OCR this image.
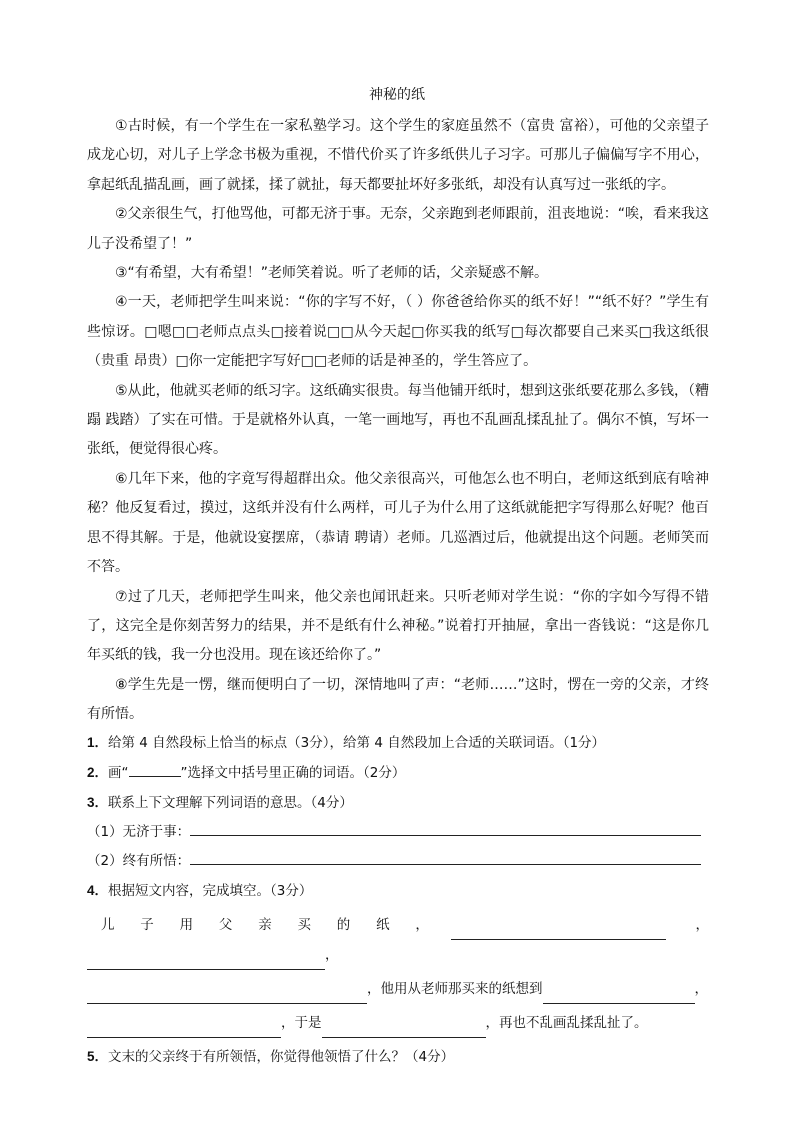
神秘的纸

①古时候，有一个学生在一家私塾学习。这个学生的家庭虽然不（富贵 富裕），可他的父亲望子成龙心切，对儿子上学念书极为重视，不惜代价买了许多纸供儿子习字。可那儿子偏偏写字不用心，拿起纸乱描乱画，画了就揉，揉了就扯，每天都要扯坏好多张纸，却没有认真写过一张纸的字。

②父亲很生气，打他骂他，可都无济于事。无奈，父亲跑到老师跟前，沮丧地说：“唉，看来我这儿子没希望了！”

③“有希望，大有希望！”老师笑着说。听了老师的话，父亲疑惑不解。

④一天，老师把学生叫来说：“你的字写不好，（ ）你爸爸给你买的纸不好！”“纸不好？”学生有些惊讶。□嗯□□老师点点头□接着说□□从今天起□你买我的纸写□每次都要自己来买□我这纸很（贵重 昂贵）□你一定能把字写好□□老师的话是神圣的，学生答应了。

⑤从此，他就买老师的纸习字。这纸确实很贵。每当他铺开纸时，想到这张纸要花那么多钱，（糟蹋 践踏）了实在可惜。于是就格外认真，一笔一画地写，再也不乱画乱揉乱扯了。偶尔不慎，写坏一张纸，便觉得很心疼。

⑥几年下来，他的字竟写得超群出众。他父亲很高兴，可他怎么也不明白，老师这纸到底有啥神秘？他反复看过，摸过，这纸并没有什么两样，可儿子为什么用了这纸就能把字写得那么好呢？他百思不得其解。于是，他就设宴摆席，（恭请 聘请）老师。几巡酒过后，他就提出这个问题。老师笑而不答。

⑦过了几天，老师把学生叫来，他父亲也闻讯赶来。只听老师对学生说：“你的字如今写得不错了，这完全是你刻苦努力的结果，并不是纸有什么神秘。”说着打开抽屉，拿出一沓钱说：“这是你几年买纸的钱，我一分也没用。现在该还给你了。”

⑧学生先是一愣，继而便明白了一切，深情地叫了声：“老师……”这时，愣在一旁的父亲，才终有所悟。

1．给第 4 自然段标上恰当的标点（3分），给第 4 自然段加上合适的关联词语。（1分）
2．画“	”选择文中括号里正确的词语。（2分）
3．联系上下文理解下列词语的意思。（4分）
（1）无济于事：
（2）终有所悟：
4．根据短文内容，完成填空。（3分）
儿 子 用 父 亲 买 的 纸 ，	，
，
，他用从老师那买来的纸想到	，
，于是	，再也不乱画乱揉乱扯了。
5．文末的父亲终于有所领悟，你觉得他领悟了什么？（4分）
